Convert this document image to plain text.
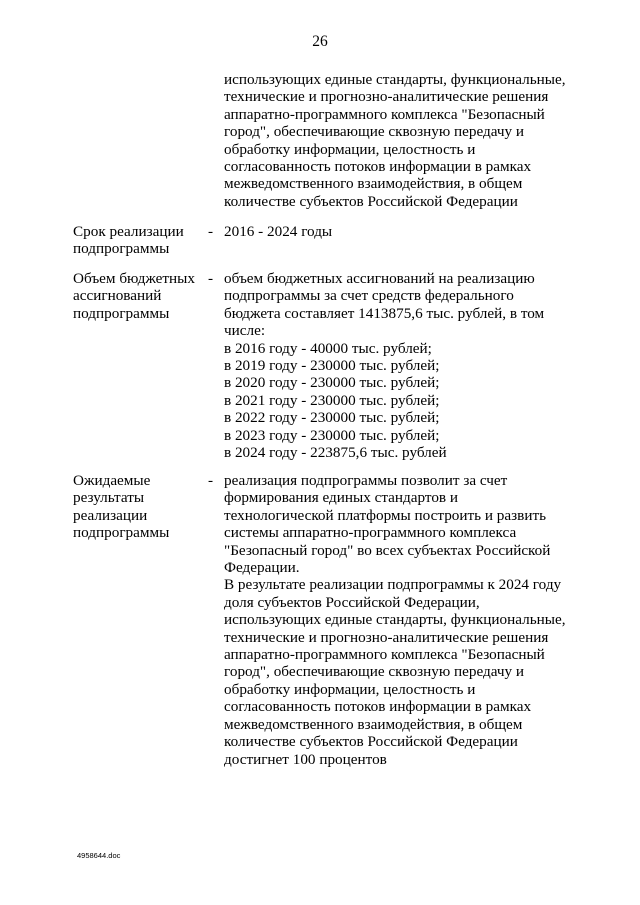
26
использующих единые стандарты, функциональные,
технические и прогнозно-аналитические решения
аппаратно-программного комплекса "Безопасный
город", обеспечивающие сквозную передачу и
обработку информации, целостность и
согласованность потоков информации в рамках
межведомственного взаимодействия, в общем
количестве субъектов Российской Федерации
Срок реализации
подпрограммы
- 2016 - 2024 годы
Объем бюджетных
ассигнований
подпрограммы
- объем бюджетных ассигнований на реализацию
подпрограммы за счет средств федерального
бюджета составляет 1413875,6 тыс. рублей, в том
числе:
в 2016 году - 40000 тыс. рублей;
в 2019 году - 230000 тыс. рублей;
в 2020 году - 230000 тыс. рублей;
в 2021 году - 230000 тыс. рублей;
в 2022 году - 230000 тыс. рублей;
в 2023 году - 230000 тыс. рублей;
в 2024 году - 223875,6 тыс. рублей
Ожидаемые
результаты
реализации
подпрограммы
- реализация подпрограммы позволит за счет
формирования единых стандартов и
технологической платформы построить и развить
системы аппаратно-программного комплекса
"Безопасный город" во всех субъектах Российской
Федерации.
В результате реализации подпрограммы к 2024 году
доля субъектов Российской Федерации,
использующих единые стандарты, функциональные,
технические и прогнозно-аналитические решения
аппаратно-программного комплекса "Безопасный
город", обеспечивающие сквозную передачу и
обработку информации, целостность и
согласованность потоков информации в рамках
межведомственного взаимодействия, в общем
количестве субъектов Российской Федерации
достигнет 100 процентов
4958644.doc
